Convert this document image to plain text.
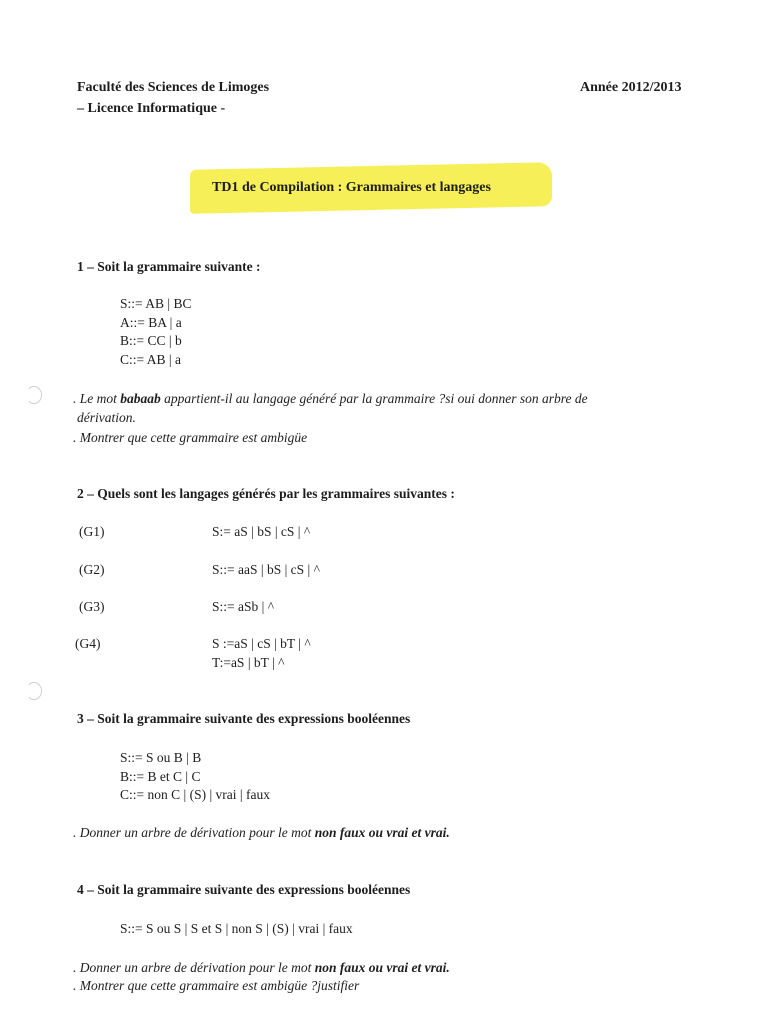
Faculté des Sciences de Limoges
– Licence Informatique -
Année 2012/2013
TD1 de Compilation : Grammaires et langages
1 – Soit la grammaire suivante :
S::= AB | BC
A::= BA | a
B::= CC | b
C::= AB | a
. Le mot babaab appartient-il au langage généré par la grammaire ?si oui donner son arbre de
dérivation.
. Montrer que cette grammaire est ambigüe
2 – Quels sont les langages générés par les grammaires suivantes :
(G1)	S:= aS | bS | cS | ^
(G2)	S::= aaS | bS | cS | ^
(G3)	S::= aSb | ^
(G4)	S :=aS | cS | bT | ^
T:=aS | bT | ^
3 – Soit la grammaire suivante des expressions booléennes
S::= S ou B | B
B::= B et C | C
C::= non C | (S) | vrai | faux
. Donner un arbre de dérivation pour le mot non faux ou vrai et vrai.
4 – Soit la grammaire suivante des expressions booléennes
S::= S ou S | S et S | non S | (S) | vrai | faux
. Donner un arbre de dérivation pour le mot non faux ou vrai et vrai.
. Montrer que cette grammaire est ambigüe ?justifier
